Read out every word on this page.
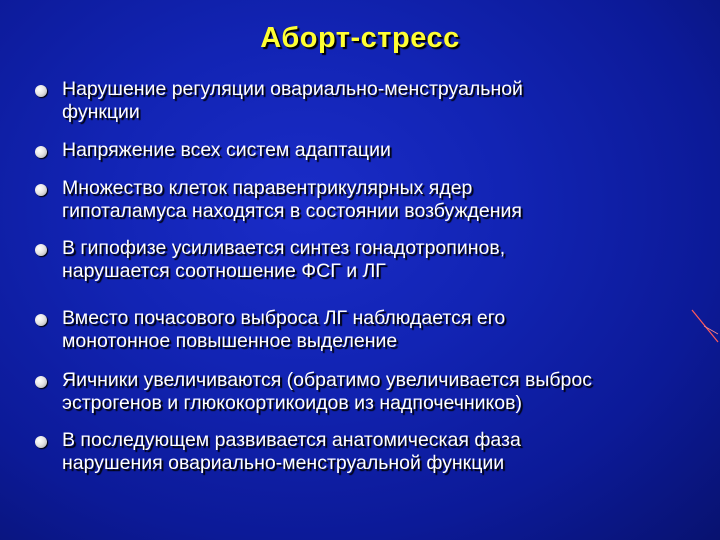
Аборт-стресс
Нарушение регуляции овариально-менструальной
функции
Напряжение всех систем адаптации
Множество клеток паравентрикулярных ядер
гипоталамуса находятся в состоянии возбуждения
В гипофизе усиливается синтез гонадотропинов,
нарушается соотношение ФСГ и ЛГ
Вместо почасового выброса ЛГ наблюдается его
монотонное повышенное выделение
Яичники увеличиваются (обратимо увеличивается выброс
эстрогенов и глюкокортикоидов из надпочечников)
В последующем развивается анатомическая фаза
нарушения овариально-менструальной функции
